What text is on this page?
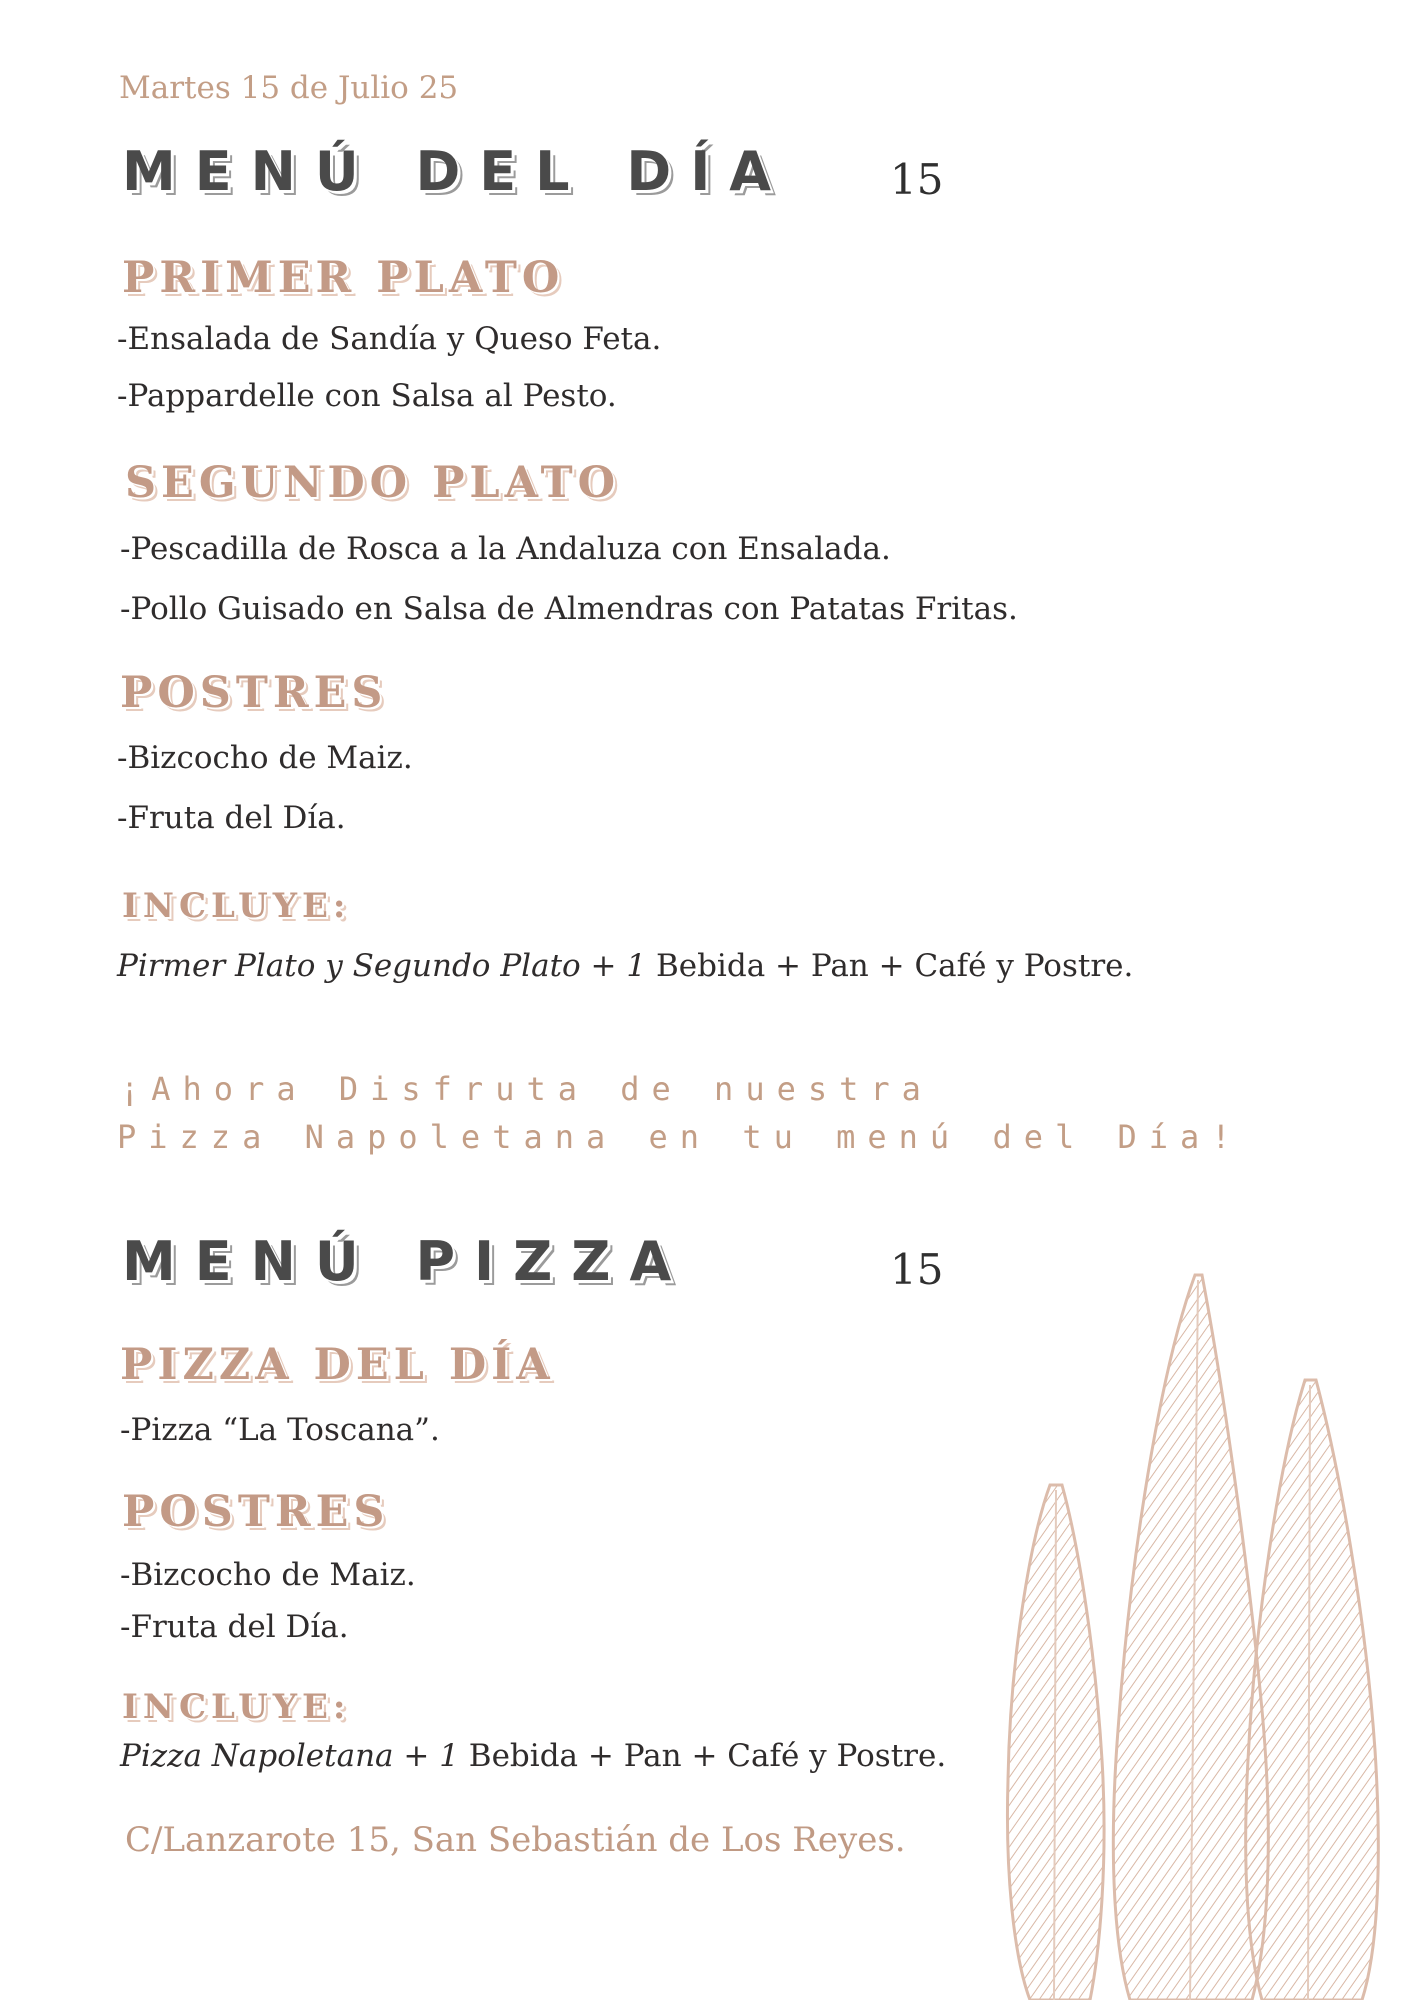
Martes 15 de Julio 25
MENÚ DEL DÍA 15
PRIMER PLATO
-Ensalada de Sandía y Queso Feta.
-Pappardelle con Salsa al Pesto.
SEGUNDO PLATO
-Pescadilla de Rosca a la Andaluza con Ensalada.
-Pollo Guisado en Salsa de Almendras con Patatas Fritas.
POSTRES
-Bizcocho de Maiz.
-Fruta del Día.
INCLUYE:
Pirmer Plato y Segundo Plato + 1 Bebida + Pan + Café y Postre.
¡Ahora Disfruta de nuestra
Pizza Napoletana en tu menú del Día!
MENÚ PIZZA	15
PIZZA DEL DÍA
-Pizza “La Toscana”.
POSTRES
-Bizcocho de Maiz.
-Fruta del Día.
INCLUYE:
Pizza Napoletana + 1 Bebida + Pan + Café y Postre.
C/Lanzarote 15, San Sebastián de Los Reyes.
